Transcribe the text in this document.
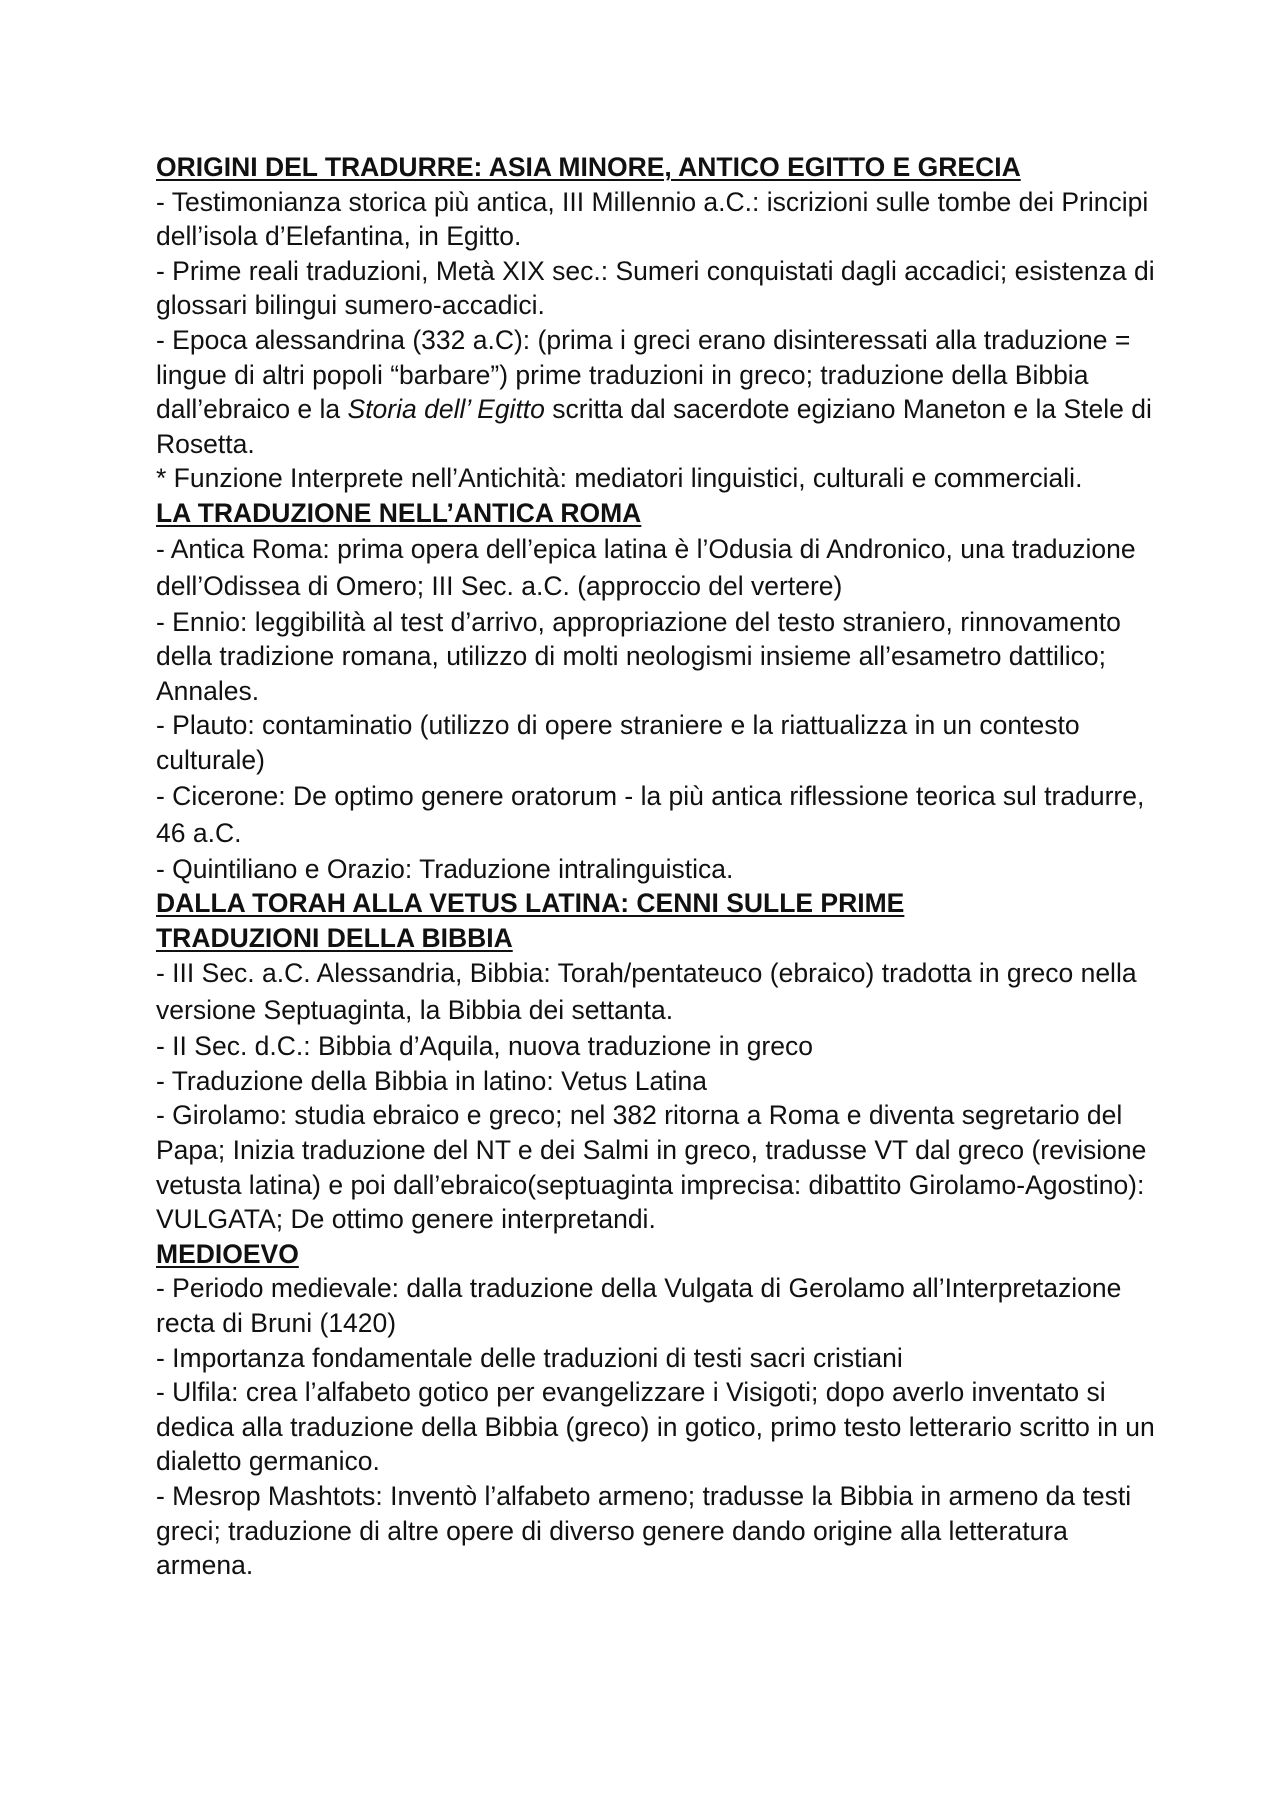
ORIGINI DEL TRADURRE: ASIA MINORE, ANTICO EGITTO E GRECIA

- Testimonianza storica più antica, III Millennio a.C.: iscrizioni sulle tombe dei Principi dell’isola d’Elefantina, in Egitto.

- Prime reali traduzioni, Metà XIX sec.: Sumeri conquistati dagli accadici; esistenza di glossari bilingui sumero-accadici.

- Epoca alessandrina (332 a.C): (prima i greci erano disinteressati alla traduzione = lingue di altri popoli “barbare”) prime traduzioni in greco; traduzione della Bibbia dall’ebraico e la Storia dell’ Egitto scritta dal sacerdote egiziano Maneton e la Stele di Rosetta.

* Funzione Interprete nell’Antichità: mediatori linguistici, culturali e commerciali.

LA TRADUZIONE NELL’ANTICA ROMA

- Antica Roma: prima opera dell’epica latina è l’Odusia di Andronico, una traduzione dell’Odissea di Omero; III Sec. a.C. (approccio del vertere)

- Ennio: leggibilità al test d’arrivo, appropriazione del testo straniero, rinnovamento della tradizione romana, utilizzo di molti neologismi insieme all’esametro dattilico; Annales.

- Plauto: contaminatio (utilizzo di opere straniere e la riattualizza in un contesto culturale)

- Cicerone: De optimo genere oratorum - la più antica riflessione teorica sul tradurre, 46 a.C.

- Quintiliano e Orazio: Traduzione intralinguistica.

DALLA TORAH ALLA VETUS LATINA: CENNI SULLE PRIME
TRADUZIONI DELLA BIBBIA

- III Sec. a.C. Alessandria, Bibbia: Torah/pentateuco (ebraico) tradotta in greco nella versione Septuaginta, la Bibbia dei settanta.

- II Sec. d.C.: Bibbia d’Aquila, nuova traduzione in greco

- Traduzione della Bibbia in latino: Vetus Latina

- Girolamo: studia ebraico e greco; nel 382 ritorna a Roma e diventa segretario del Papa; Inizia traduzione del NT e dei Salmi in greco, tradusse VT dal greco (revisione vetusta latina) e poi dall’ebraico(septuaginta imprecisa: dibattito Girolamo-Agostino): VULGATA; De ottimo genere interpretandi.

MEDIOEVO

- Periodo medievale: dalla traduzione della Vulgata di Gerolamo all’Interpretazione recta di Bruni (1420)

- Importanza fondamentale delle traduzioni di testi sacri cristiani

- Ulfila: crea l’alfabeto gotico per evangelizzare i Visigoti; dopo averlo inventato si dedica alla traduzione della Bibbia (greco) in gotico, primo testo letterario scritto in un dialetto germanico.

- Mesrop Mashtots: Inventò l’alfabeto armeno; tradusse la Bibbia in armeno da testi greci; traduzione di altre opere di diverso genere dando origine alla letteratura armena.
